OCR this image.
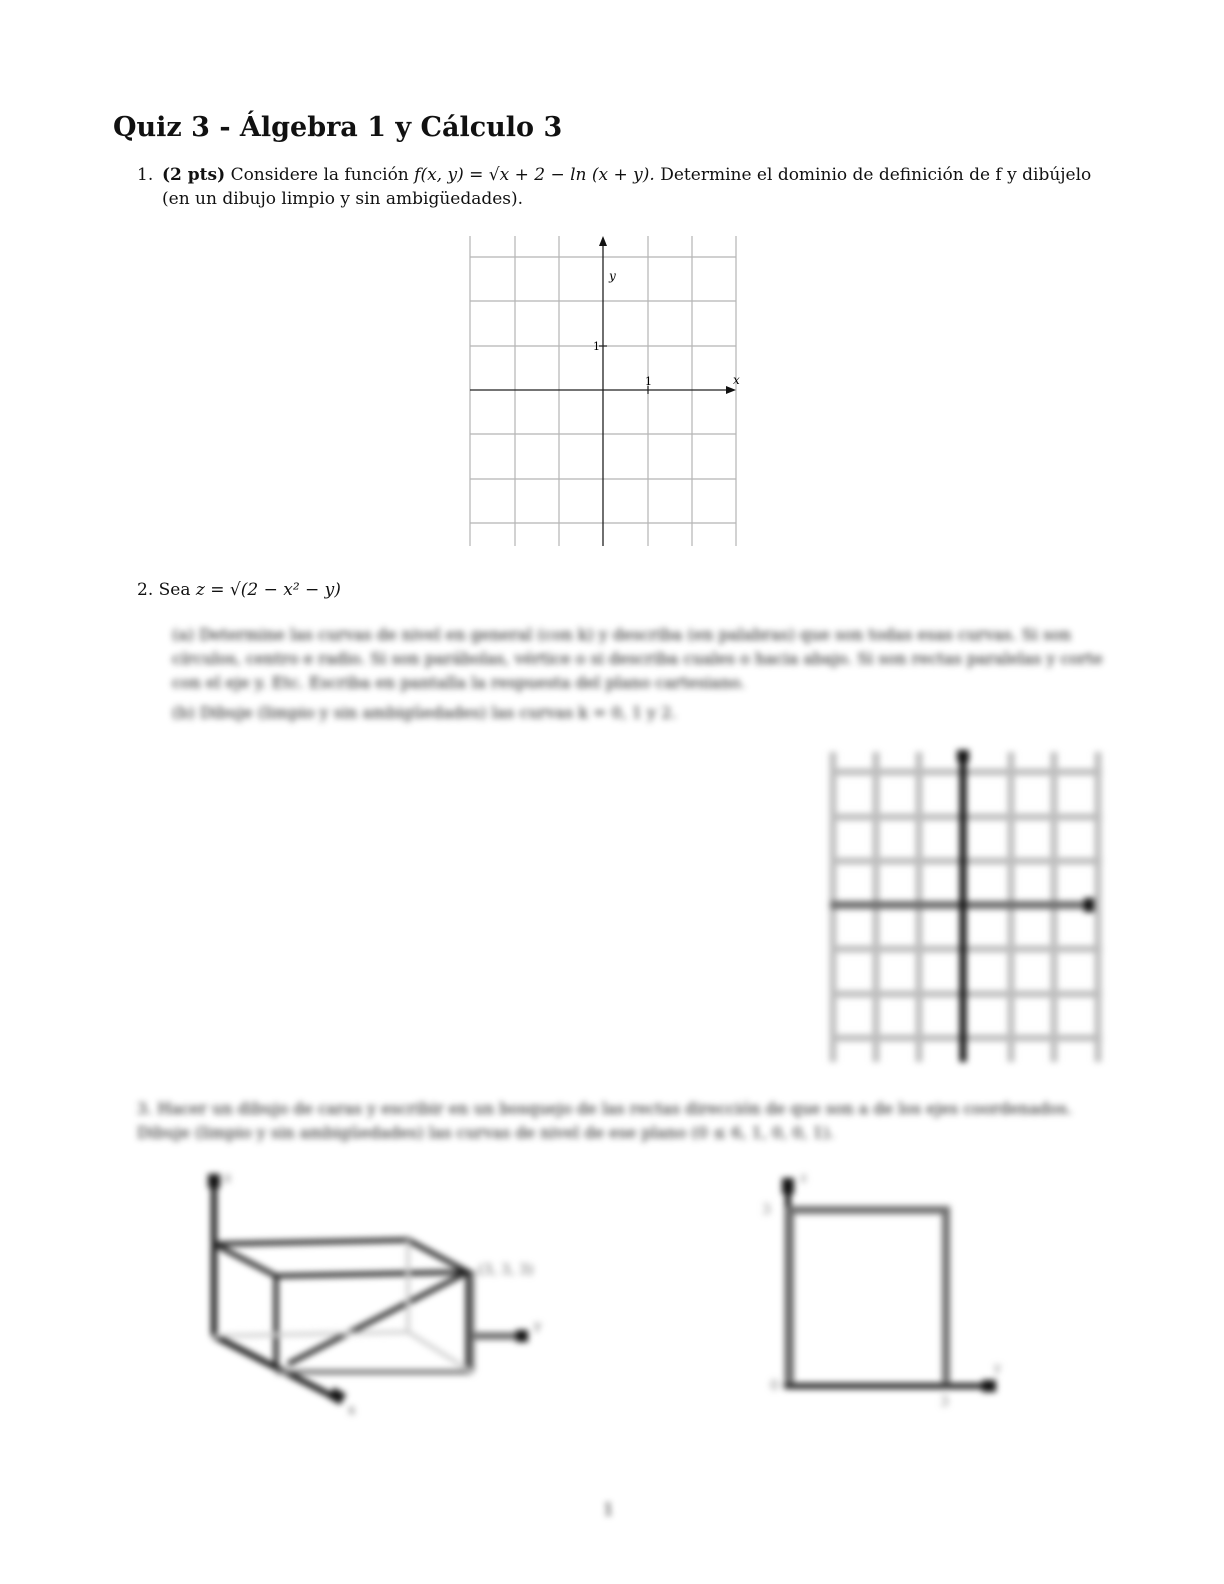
Quiz 3 - Álgebra 1 y Cálculo 3
1. (2 pts) Considere la función f(x, y) = √x + 2 − ln (x + y). Determine el dominio de definición de f y dibújelo
(en un dibujo limpio y sin ambigüedades).
y
x
1
1
2. Sea z = √(2 − x² − y)
(a) Determine las curvas de nivel en general (con k) y describa (en palabras) que son todas esas curvas. Si son círculos, centro e radio. Si son parábolas, vértice o si describa cuales o hacia abajo. Si son rectas paralelas y corte con el eje y. Etc. Escriba en pantalla la respuesta del plano cartesiano.
(b) Dibuje (limpio y sin ambigüedades) las curvas k = 0, 1 y 2.
3. Hacer un dibujo de caras y escribir en un bosquejo de las rectas dirección de que son a de los ejes coordenados. Dibuje (limpio y sin ambigüedades) las curvas de nivel de ese plano (0 ≤ 6, 1, 0, 0, 1).
(3, 3, 3)
z
y
x
3
0
3
z
y
1
